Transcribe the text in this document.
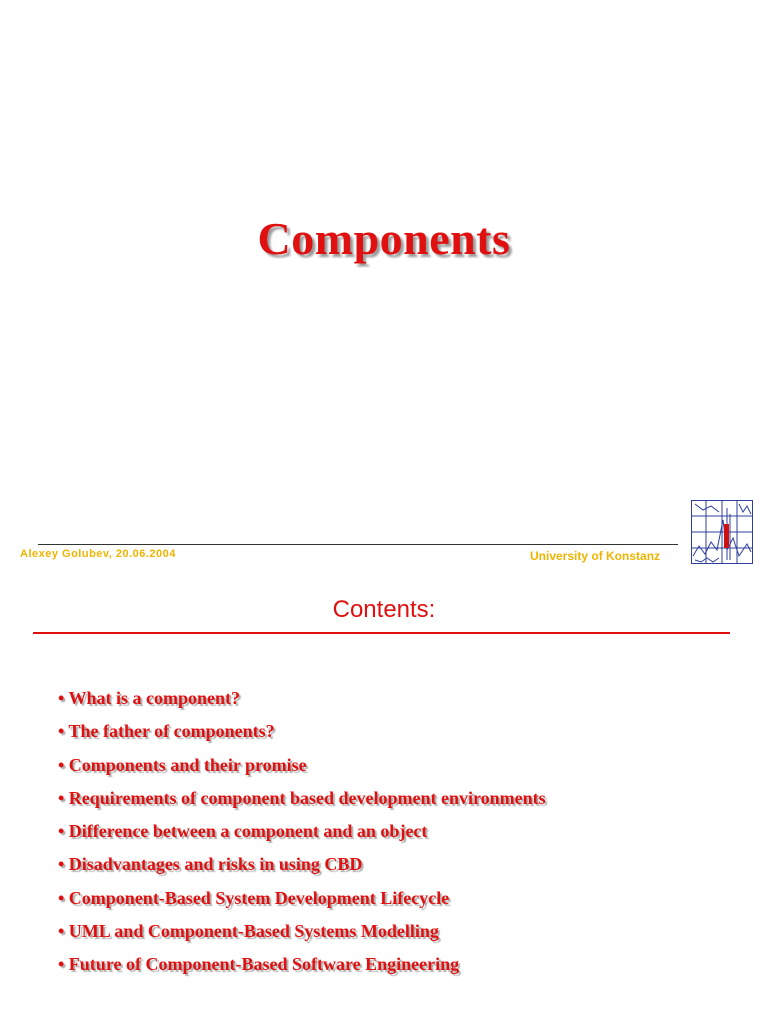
Components
Alexey Golubev, 20.06.2004	University of Konstanz
Contents:
• What is a component?
• The father of components?
• Components and their promise
• Requirements of component based development environments
• Difference between a component and an object
• Disadvantages and risks in using CBD
• Component-Based System Development Lifecycle
• UML and Component-Based Systems Modelling
• Future of Component-Based Software Engineering
